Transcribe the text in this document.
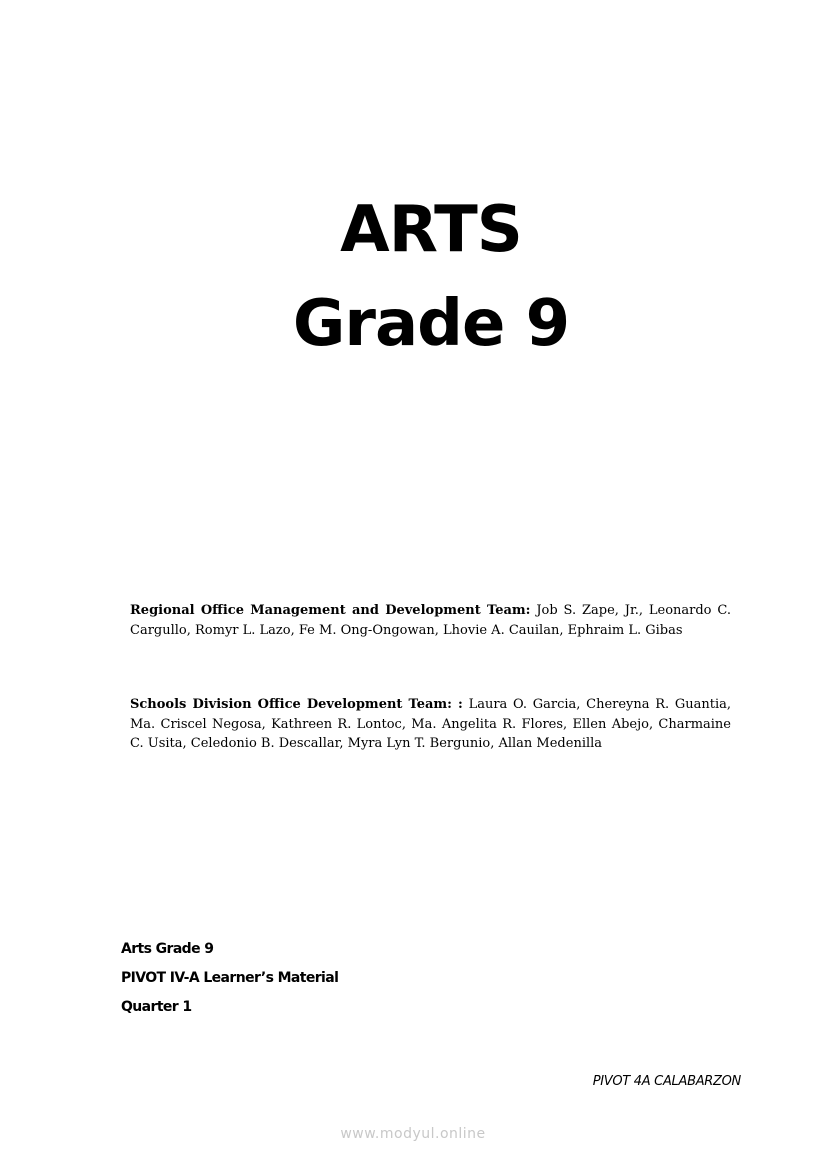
ARTS
Grade 9
Regional Office Management and Development Team: Job S. Zape, Jr., Leonardo C. Cargullo, Romyr L. Lazo, Fe M. Ong-Ongowan, Lhovie A. Cauilan, Ephraim L. Gibas
Schools Division Office Development Team: : Laura O. Garcia, Chereyna R. Guantia, Ma. Criscel Negosa, Kathreen R. Lontoc, Ma. Angelita R. Flores, Ellen Abejo, Charmaine C. Usita, Celedonio B. Descallar, Myra Lyn T. Bergunio, Allan Medenilla
Arts Grade 9
PIVOT IV-A Learner’s Material
Quarter 1
PIVOT 4A CALABARZON
www.modyul.online
